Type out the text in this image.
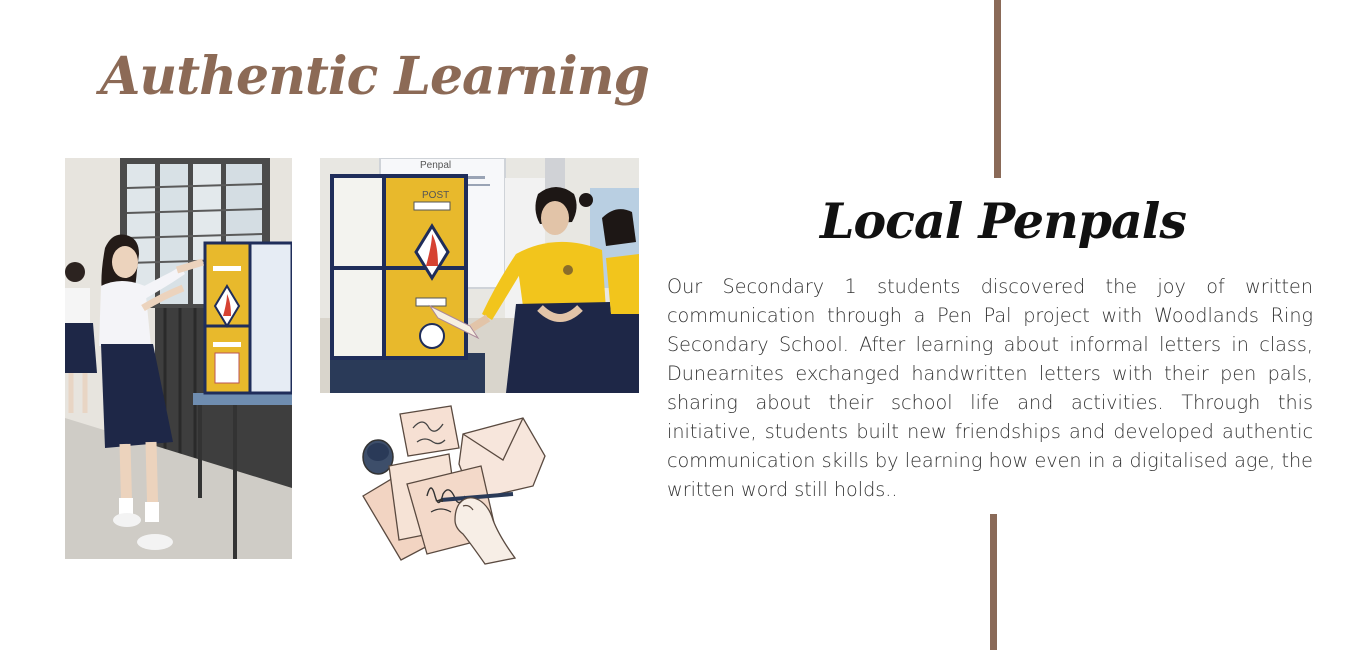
Authentic Learning
Penpal
POST	Local Penpals

Our Secondary 1 students discovered the joy of written communication through a Pen Pal project with Woodlands Ring Secondary School. After learning about informal letters in class, Dunearnites exchanged handwritten letters with their pen pals, sharing about their school life and activities. Through this initiative, students built new friendships and developed authentic communication skills by learning how even in a digitalised age, the written word still holds..
